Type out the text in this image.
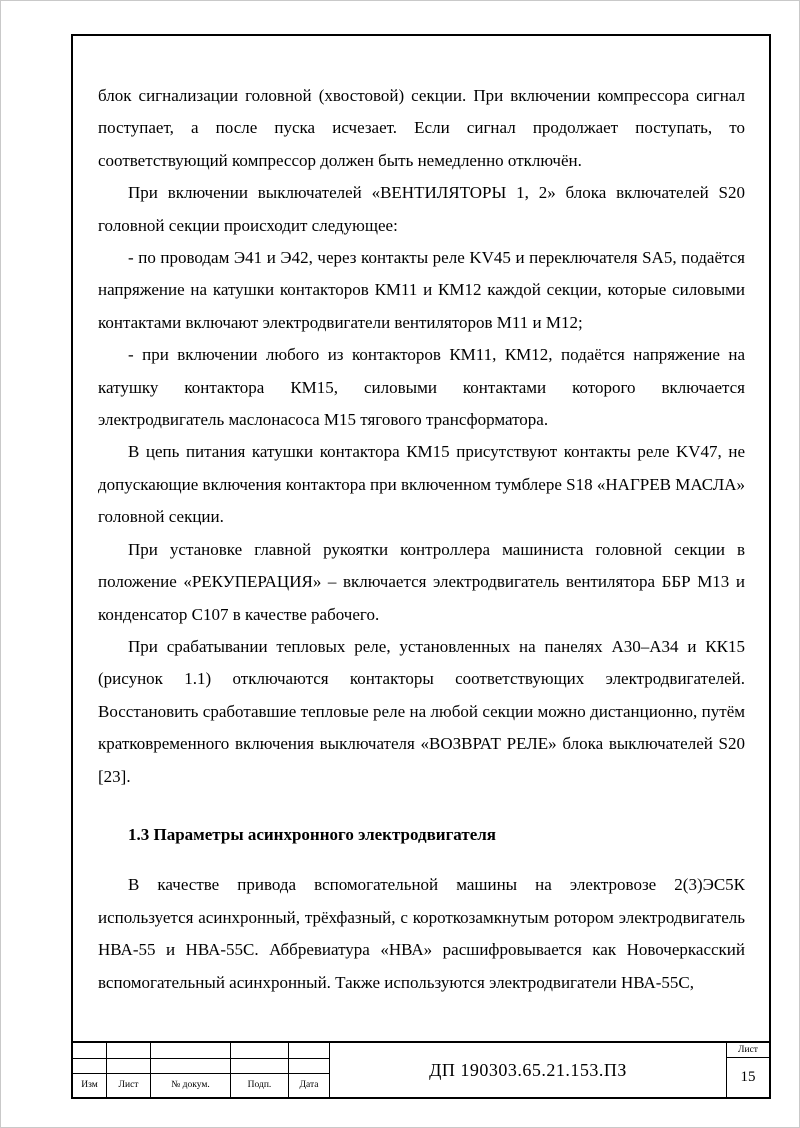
блок сигнализации головной (хвостовой) секции. При включении компрессора сигнал поступает, а после пуска исчезает. Если сигнал продолжает поступать, то соответствующий компрессор должен быть немедленно отключён.

При включении выключателей «ВЕНТИЛЯТОРЫ 1, 2» блока включателей S20 головной секции происходит следующее:

- по проводам Э41 и Э42, через контакты реле KV45 и переключателя SA5, подаётся напряжение на катушки контакторов КМ11 и КМ12 каждой секции, которые силовыми контактами включают электродвигатели вентиляторов М11 и М12;

- при включении любого из контакторов КМ11, КМ12, подаётся напряжение на катушку контактора КМ15, силовыми контактами которого включается электродвигатель маслонасоса М15 тягового трансформатора.

В цепь питания катушки контактора КМ15 присутствуют контакты реле KV47, не допускающие включения контактора при включенном тумблере S18 «НАГРЕВ МАСЛА» головной секции.

При установке главной рукоятки контроллера машиниста головной секции в положение «РЕКУПЕРАЦИЯ» – включается электродвигатель вентилятора ББР М13 и конденсатор С107 в качестве рабочего.

При срабатывании тепловых реле, установленных на панелях А30–А34 и КК15 (рисунок 1.1) отключаются контакторы соответствующих электродвигателей. Восстановить сработавшие тепловые реле на любой секции можно дистанционно, путём кратковременного включения выключателя «ВОЗВРАТ РЕЛЕ» блока выключателей S20 [23].

1.3 Параметры асинхронного электродвигателя

В качестве привода вспомогательной машины на электровозе 2(3)ЭС5К используется асинхронный, трёхфазный, с короткозамкнутым ротором электродвигатель НВА-55 и НВА-55С. Аббревиатура «НВА» расшифровывается как Новочеркасский вспомогательный асинхронный. Также используются электродвигатели НВА-55С,

Изм	Лист	№ докум.	Подп.	Дата
ДП 190303.65.21.153.ПЗ
Лист
15
